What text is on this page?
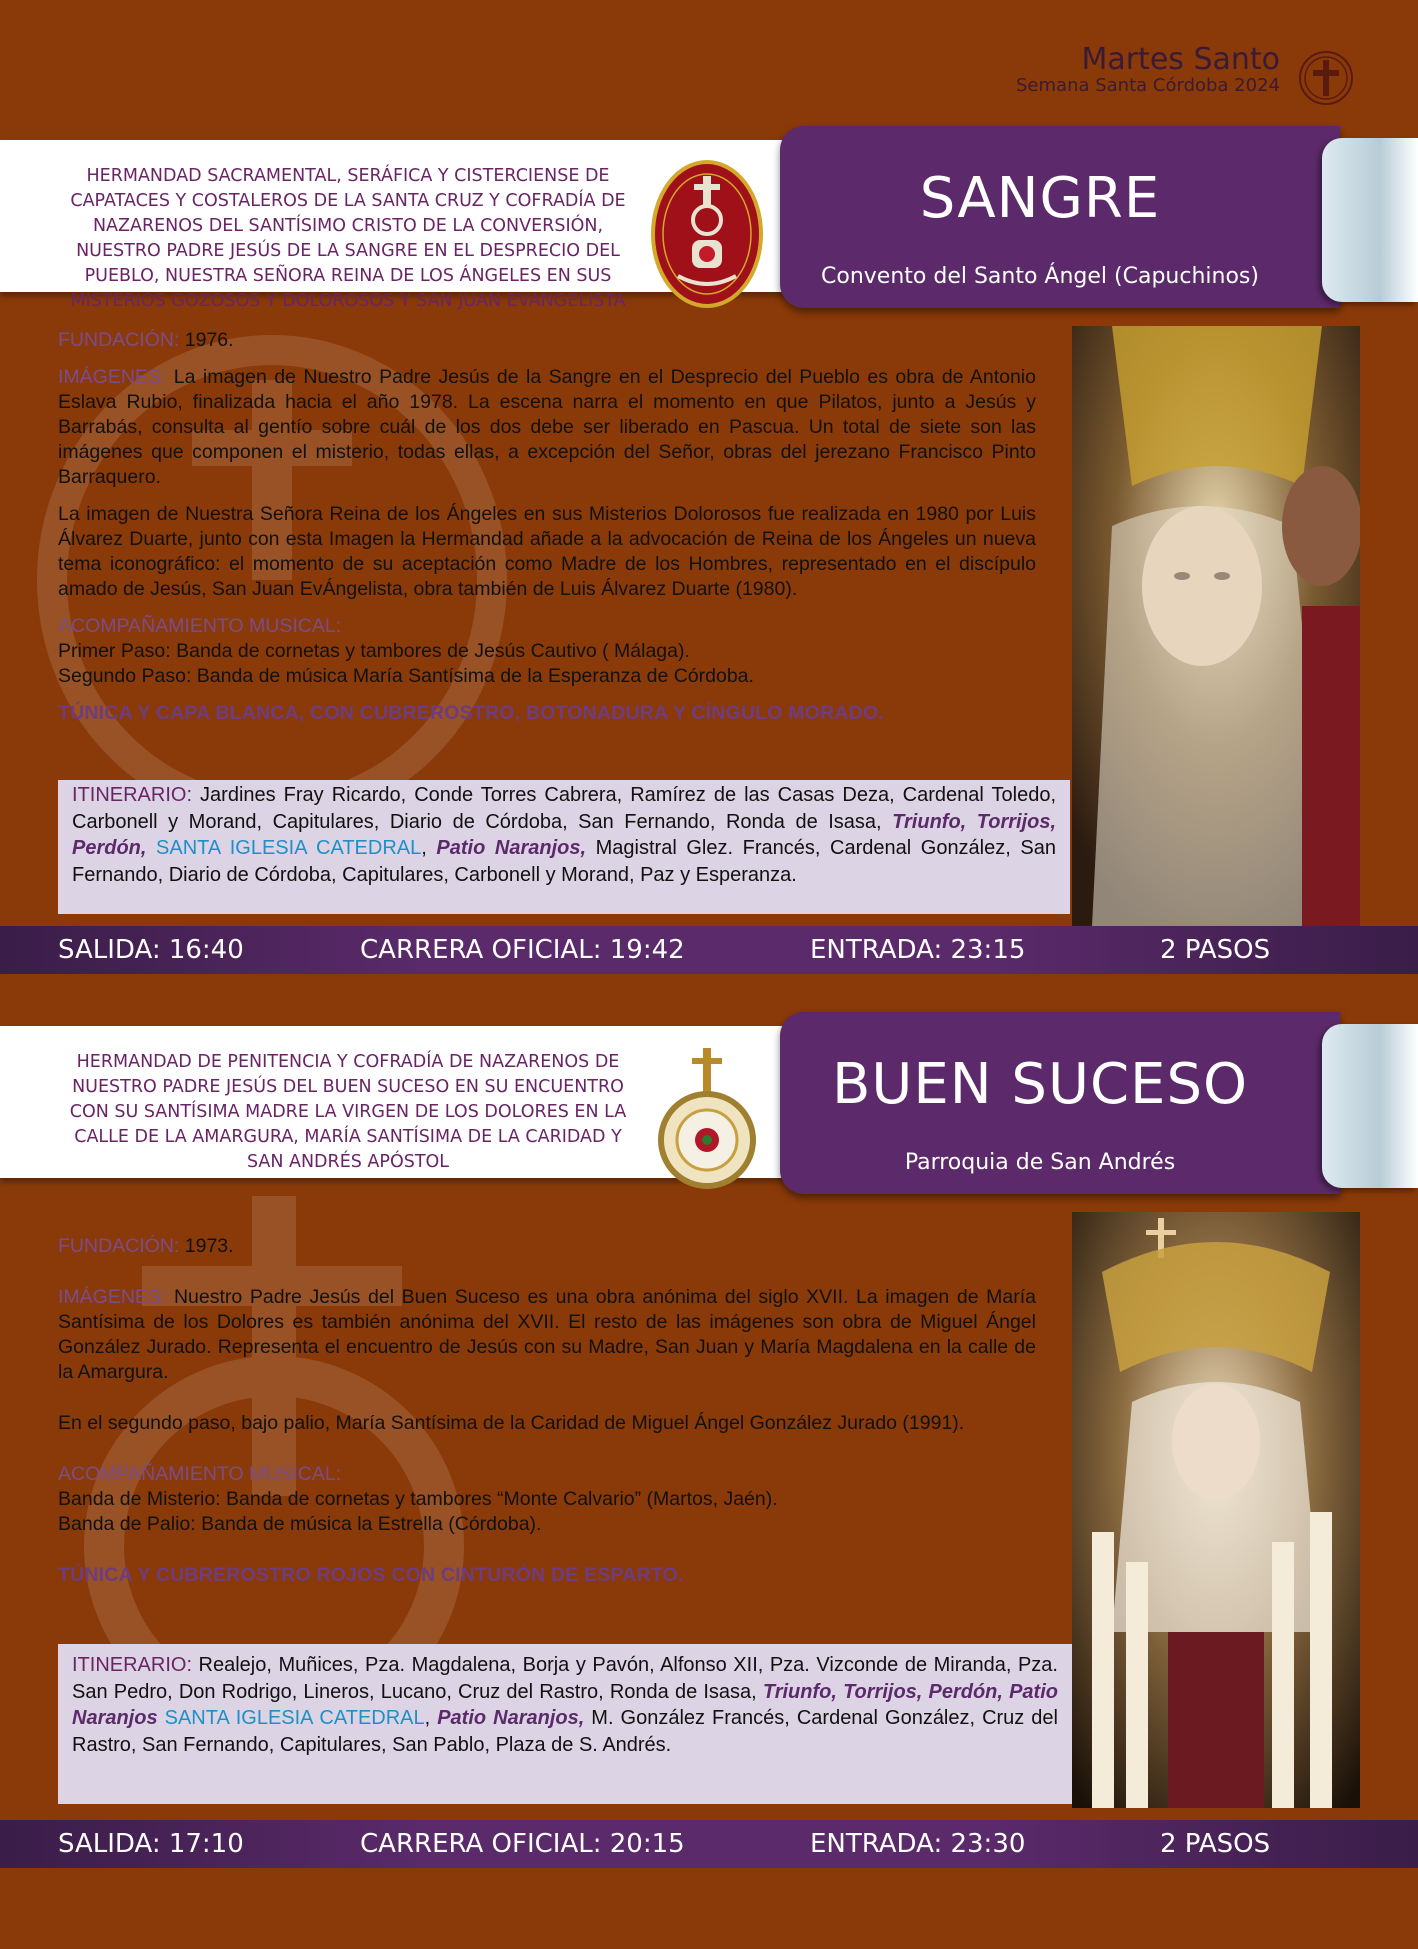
Martes Santo
Semana Santa Córdoba 2024
HERMANDAD SACRAMENTAL, SERÁFICA Y CISTERCIENSE DE CAPATACES Y COSTALEROS DE LA SANTA CRUZ Y COFRADÍA DE NAZARENOS DEL SANTÍSIMO CRISTO DE LA CONVERSIÓN, NUESTRO PADRE JESÚS DE LA SANGRE EN EL DESPRECIO DEL PUEBLO, NUESTRA SEÑORA REINA DE LOS ÁNGELES EN SUS MISTERIOS GOZOSOS Y DOLOROSOS Y SAN JUAN EVANGELISTA
SANGRE
Convento del Santo Ángel (Capuchinos)

FUNDACIÓN: 1976.

IMÁGENES: La imagen de Nuestro Padre Jesús de la Sangre en el Desprecio del Pueblo es obra de Antonio Eslava Rubio, finalizada hacia el año 1978. La escena narra el momento en que Pilatos, junto a Jesús y Barrabás, consulta al gentío sobre cuál de los dos debe ser liberado en Pascua. Un total de siete son las imágenes que componen el misterio, todas ellas, a excepción del Señor, obras del jerezano Francisco Pinto Barraquero.

La imagen de Nuestra Señora Reina de los Ángeles en sus Misterios Dolorosos fue realizada en 1980 por Luis Álvarez Duarte, junto con esta Imagen la Hermandad añade a la advocación de Reina de los Ángeles un nueva tema iconográfico: el momento de su aceptación como Madre de los Hombres, representado en el discípulo amado de Jesús, San Juan EvÁngelista, obra también de Luis Álvarez Duarte (1980).

ACOMPAÑAMIENTO MUSICAL:
Primer Paso: Banda de cornetas y tambores de Jesús Cautivo ( Málaga).
Segundo Paso: Banda de música María Santísima de la Esperanza de Córdoba.

TÚNICA Y CAPA BLANCA, CON CUBREROSTRO, BOTONADURA Y CÍNGULO MORADO.

ITINERARIO: Jardines Fray Ricardo, Conde Torres Cabrera, Ramírez de las Casas Deza, Cardenal Toledo, Carbonell y Morand, Capitulares, Diario de Córdoba, San Fernando, Ronda de Isasa, Triunfo, Torrijos, Perdón, SANTA IGLESIA CATEDRAL, Patio Naranjos, Magistral Glez. Francés, Cardenal González, San Fernando, Diario de Córdoba, Capitulares, Carbonell y Morand, Paz y Esperanza.
SALIDA: 16:40	CARRERA OFICIAL: 19:42	ENTRADA: 23:15	2 PASOS
HERMANDAD DE PENITENCIA Y COFRADÍA DE NAZARENOS DE NUESTRO PADRE JESÚS DEL BUEN SUCESO EN SU ENCUENTRO CON SU SANTÍSIMA MADRE LA VIRGEN DE LOS DOLORES EN LA CALLE DE LA AMARGURA, MARÍA SANTÍSIMA DE LA CARIDAD Y SAN ANDRÉS APÓSTOL
BUEN SUCESO
Parroquia de San Andrés

FUNDACIÓN: 1973.

IMÁGENES: Nuestro Padre Jesús del Buen Suceso es una obra anónima del siglo XVII. La imagen de María Santísima de los Dolores es también anónima del XVII. El resto de las imágenes son obra de Miguel Ángel González Jurado. Representa el encuentro de Jesús con su Madre, San Juan y María Magdalena en la calle de la Amargura.

En el segundo paso, bajo palio, María Santísima de la Caridad de Miguel Ángel González Jurado (1991).

ACOMPAÑAMIENTO MUSICAL:
Banda de Misterio: Banda de cornetas y tambores “Monte Calvario” (Martos, Jaén).
Banda de Palio: Banda de música la Estrella (Córdoba).

TÚNICA Y CUBREROSTRO ROJOS CON CINTURÓN DE ESPARTO.

ITINERARIO: Realejo, Muñices, Pza. Magdalena, Borja y Pavón, Alfonso XII, Pza. Vizconde de Miranda, Pza. San Pedro, Don Rodrigo, Lineros, Lucano, Cruz del Rastro, Ronda de Isasa, Triunfo, Torrijos, Perdón, Patio Naranjos SANTA IGLESIA CATEDRAL, Patio Naranjos, M. González Francés, Cardenal González, Cruz del Rastro, San Fernando, Capitulares, San Pablo, Plaza de S. Andrés.
SALIDA: 17:10	CARRERA OFICIAL: 20:15	ENTRADA: 23:30	2 PASOS
